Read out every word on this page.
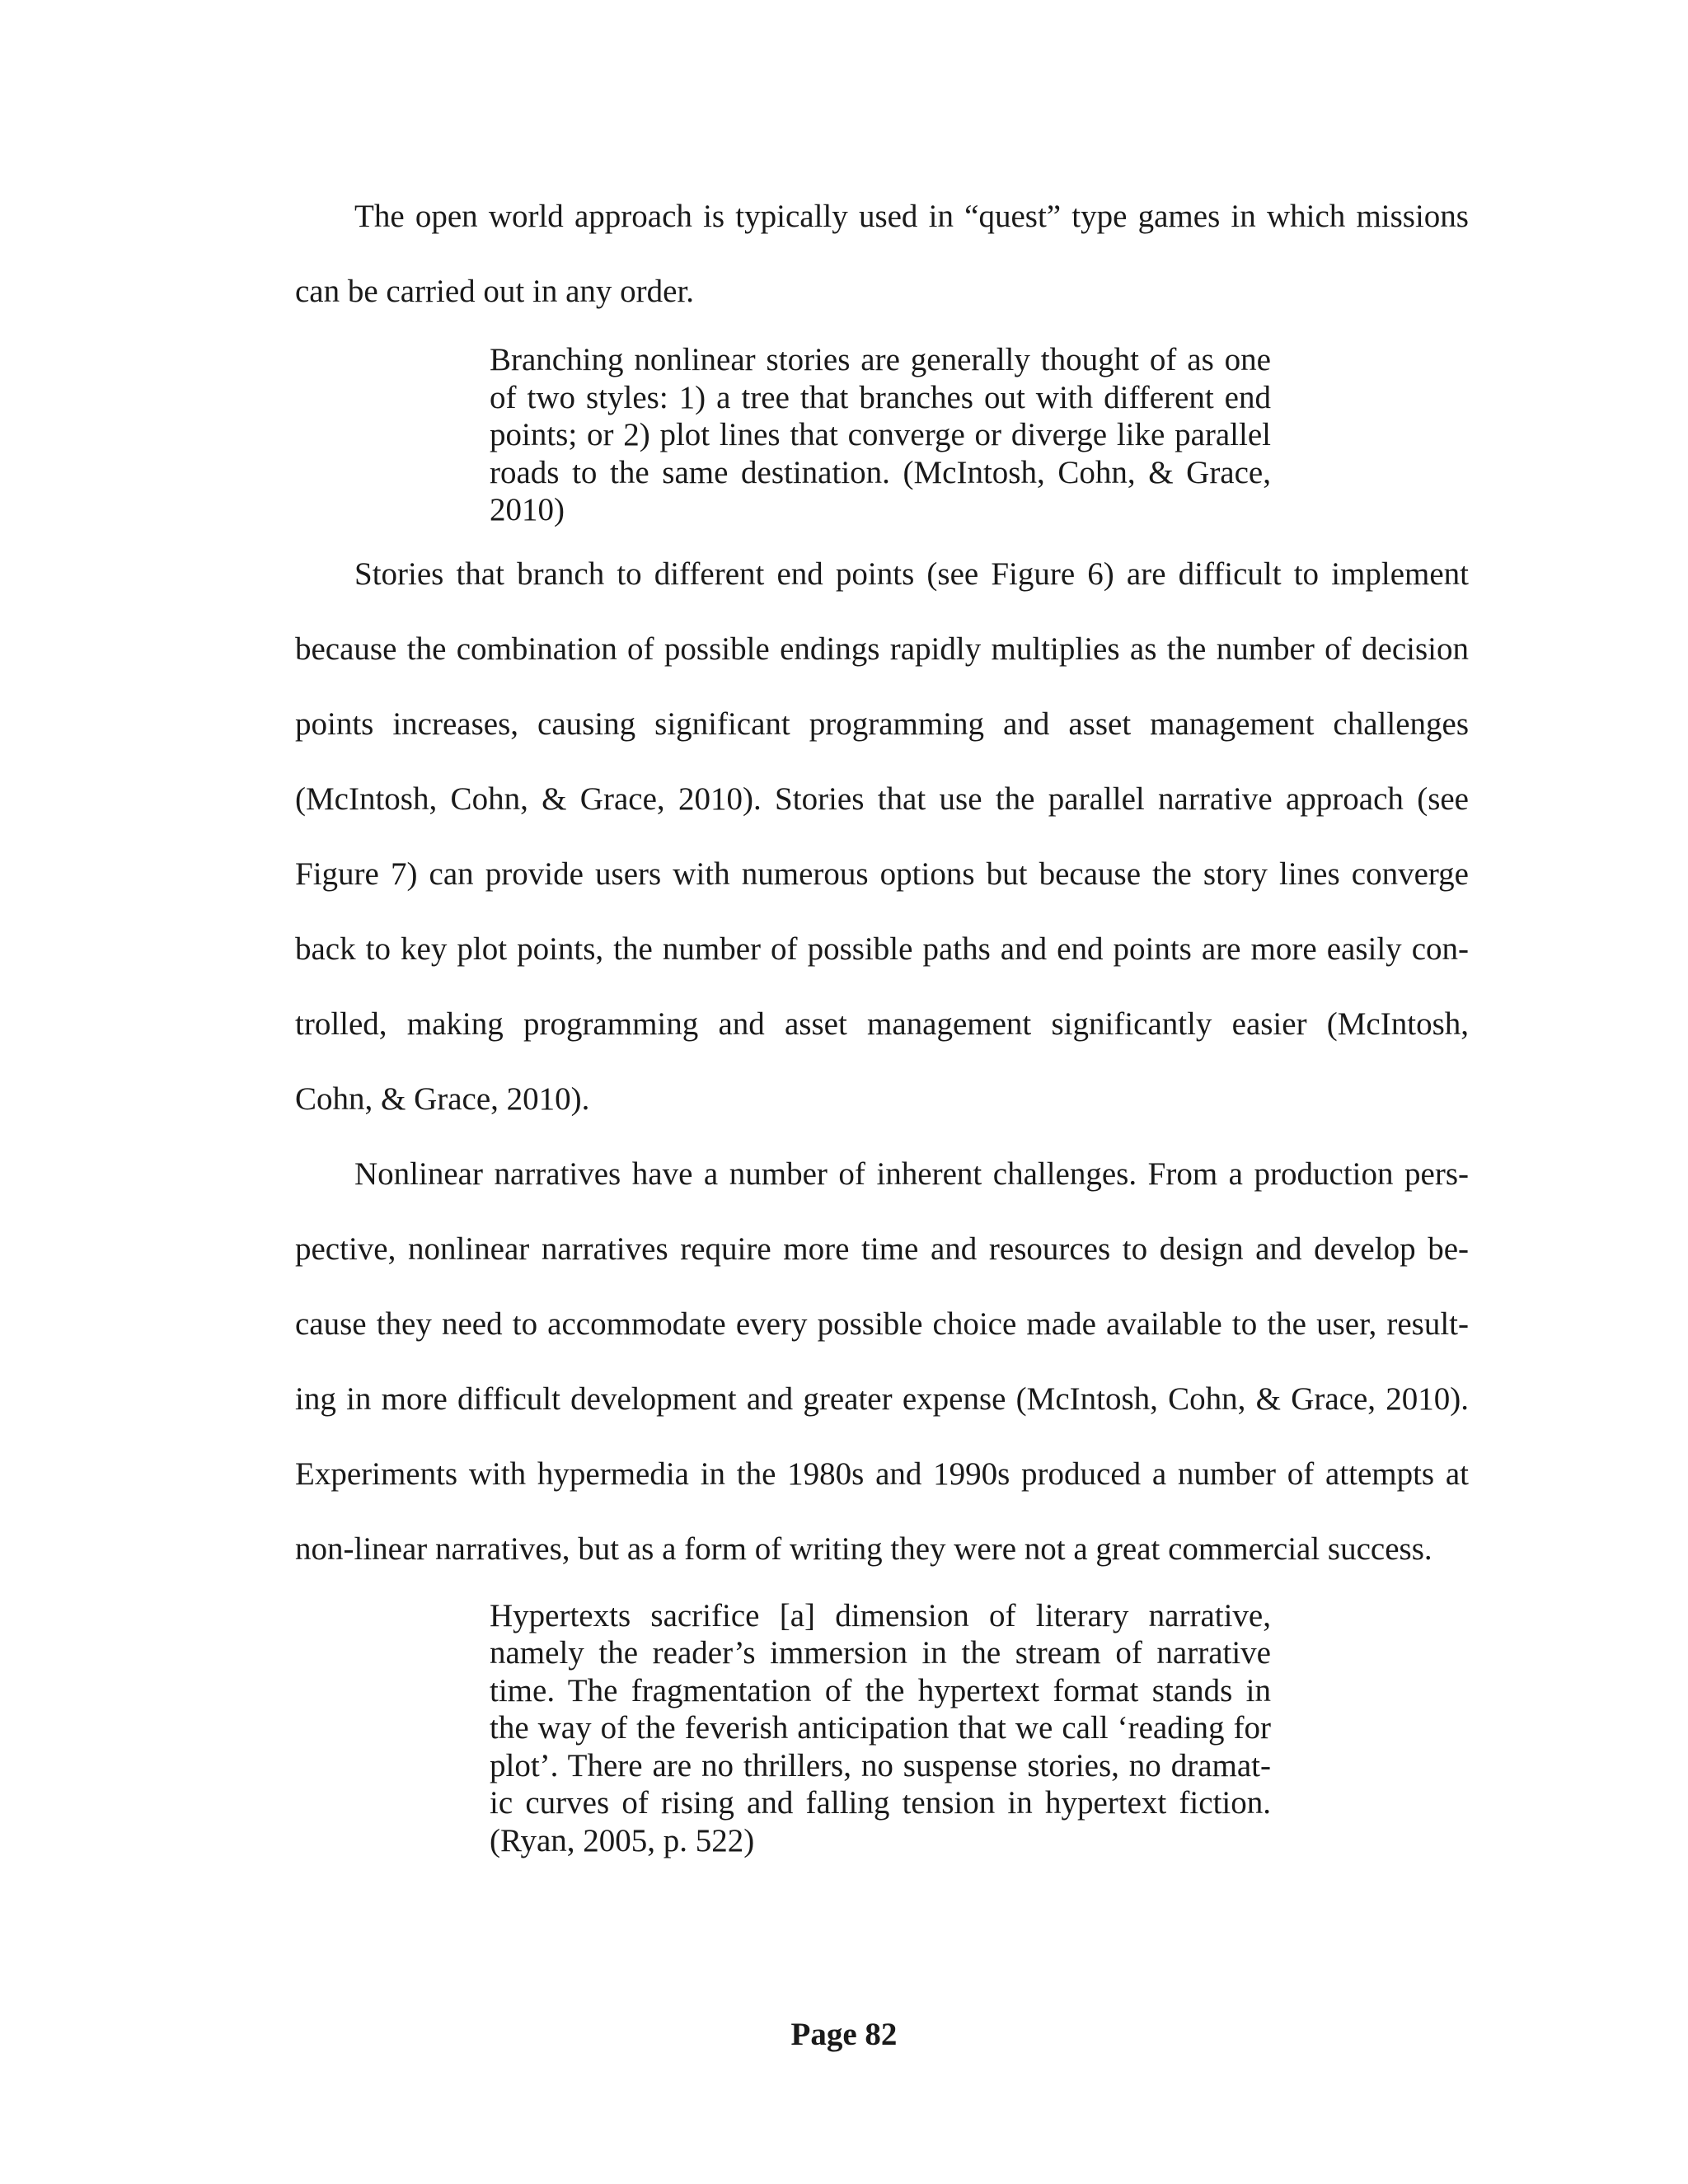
The open world approach is typically used in “quest” type games in which missions
can be carried out in any order.
Branching nonlinear stories are generally thought of as one
of two styles: 1) a tree that branches out with different end
points; or 2) plot lines that converge or diverge like parallel
roads to the same destination. (McIntosh, Cohn, & Grace,
2010)
Stories that branch to different end points (see Figure 6) are difficult to implement
because the combination of possible endings rapidly multiplies as the number of decision
points increases, causing significant programming and asset management challenges
(McIntosh, Cohn, & Grace, 2010). Stories that use the parallel narrative approach (see
Figure 7) can provide users with numerous options but because the story lines converge
back to key plot points, the number of possible paths and end points are more easily con-
trolled, making programming and asset management significantly easier (McIntosh,
Cohn, & Grace, 2010).
Nonlinear narratives have a number of inherent challenges. From a production pers-
pective, nonlinear narratives require more time and resources to design and develop be-
cause they need to accommodate every possible choice made available to the user, result-
ing in more difficult development and greater expense (McIntosh, Cohn, & Grace, 2010).
Experiments with hypermedia in the 1980s and 1990s produced a number of attempts at
non-linear narratives, but as a form of writing they were not a great commercial success.
Hypertexts sacrifice [a] dimension of literary narrative,
namely the reader’s immersion in the stream of narrative
time. The fragmentation of the hypertext format stands in
the way of the feverish anticipation that we call ‘reading for
plot’. There are no thrillers, no suspense stories, no dramat-
ic curves of rising and falling tension in hypertext fiction.
(Ryan, 2005, p. 522)
Page 82
